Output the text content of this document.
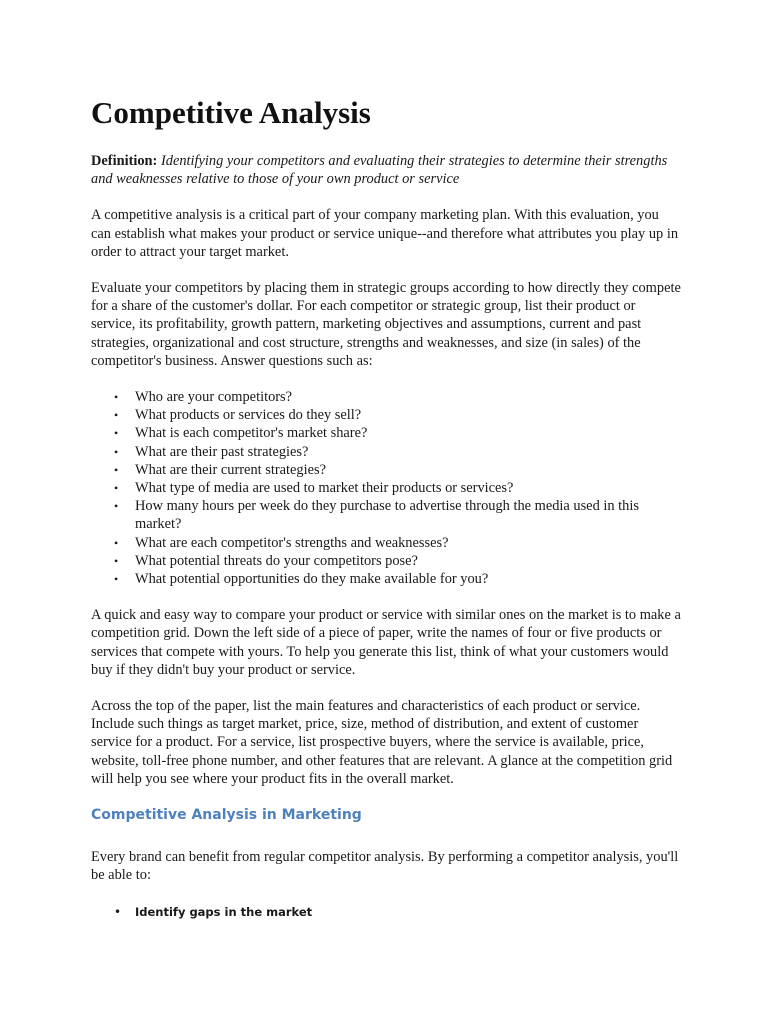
Competitive Analysis

Definition: Identifying your competitors and evaluating their strategies to determine their strengths and weaknesses relative to those of your own product or service

A competitive analysis is a critical part of your company marketing plan. With this evaluation, you can establish what makes your product or service unique--and therefore what attributes you play up in order to attract your target market.

Evaluate your competitors by placing them in strategic groups according to how directly they compete for a share of the customer's dollar. For each competitor or strategic group, list their product or service, its profitability, growth pattern, marketing objectives and assumptions, current and past strategies, organizational and cost structure, strengths and weaknesses, and size (in sales) of the competitor's business. Answer questions such as:

• Who are your competitors?
• What products or services do they sell?
• What is each competitor's market share?
• What are their past strategies?
• What are their current strategies?
• What type of media are used to market their products or services?
• How many hours per week do they purchase to advertise through the media used in this market?
• What are each competitor's strengths and weaknesses?
• What potential threats do your competitors pose?
• What potential opportunities do they make available for you?

A quick and easy way to compare your product or service with similar ones on the market is to make a competition grid. Down the left side of a piece of paper, write the names of four or five products or services that compete with yours. To help you generate this list, think of what your customers would buy if they didn't buy your product or service.

Across the top of the paper, list the main features and characteristics of each product or service. Include such things as target market, price, size, method of distribution, and extent of customer service for a product. For a service, list prospective buyers, where the service is available, price, website, toll-free phone number, and other features that are relevant. A glance at the competition grid will help you see where your product fits in the overall market.

Competitive Analysis in Marketing

Every brand can benefit from regular competitor analysis. By performing a competitor analysis, you'll be able to:

• Identify gaps in the market
